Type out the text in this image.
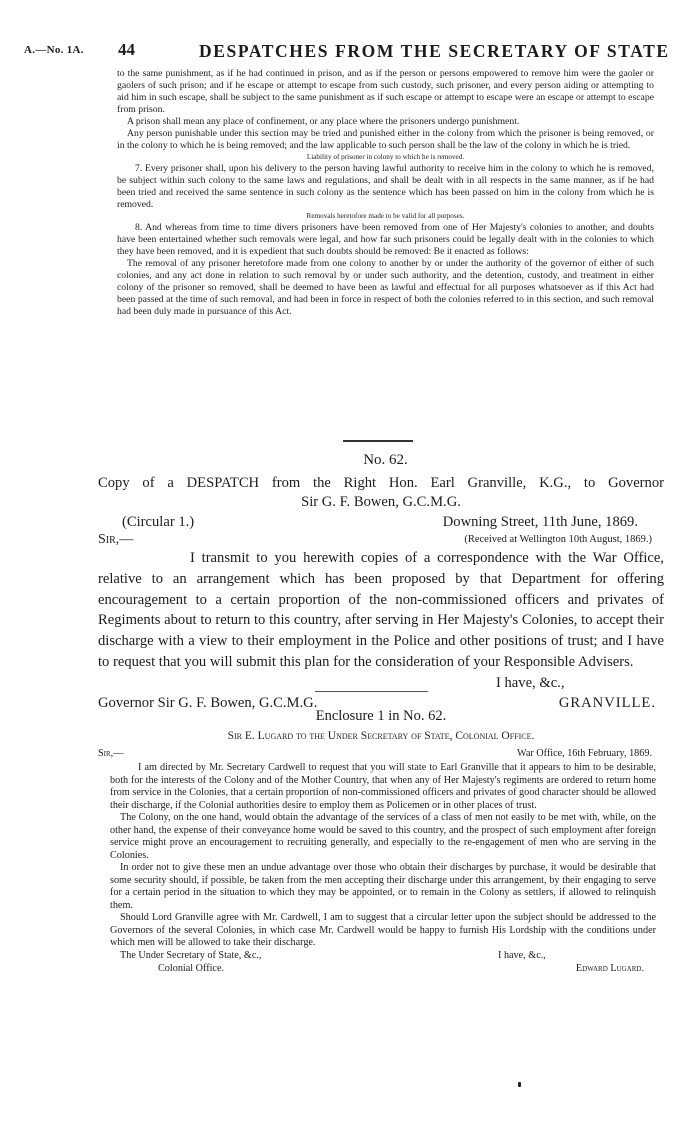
A.—No. 1A. 44	DESPATCHES FROM THE SECRETARY OF STATE

to the same punishment, as if he had continued in prison, and as if the person or persons empowered to remove him were the gaoler or gaolers of such prison; and if he escape or attempt to escape from such custody, such prisoner, and every person aiding or attempting to aid him in such escape, shall be subject to the same punishment as if such escape or attempt to escape were an escape or attempt to escape from prison.

A prison shall mean any place of confinement, or any place where the prisoners undergo punishment.

Any person punishable under this section may be tried and punished either in the colony from which the prisoner is being removed, or in the colony to which he is being removed; and the law applicable to such person shall be the law of the colony in which he is tried.

Liability of prisoner in colony to which he is removed.

7. Every prisoner shall, upon his delivery to the person having lawful authority to receive him in the colony to which he is removed, be subject within such colony to the same laws and regulations, and shall be dealt with in all respects in the same manner, as if he had been tried and received the same sentence in such colony as the sentence which has been passed on him in the colony from which he is removed.

Removals heretofore made to be valid for all purposes.

8. And whereas from time to time divers prisoners have been removed from one of Her Majesty's colonies to another, and doubts have been entertained whether such removals were legal, and how far such prisoners could be legally dealt with in the colonies to which they have been removed, and it is expedient that such doubts should be removed: Be it enacted as follows:

The removal of any prisoner heretofore made from one colony to another by or under the authority of the governor of either of such colonies, and any act done in relation to such removal by or under such authority, and the detention, custody, and treatment in either colony of the prisoner so removed, shall be deemed to have been as lawful and effectual for all purposes whatsoever as if this Act had been passed at the time of such removal, and had been in force in respect of both the colonies referred to in this section, and such removal had been duly made in pursuance of this Act.

No. 62.

Copy of a DESPATCH from the Right Hon. Earl Granville, K.G., to Governor

Sir G. F. Bowen, G.C.M.G.

(Circular 1.)	Downing Street, 11th June, 1869.
Sir,—	(Received at Wellington 10th August, 1869.)

I transmit to you herewith copies of a correspondence with the War Office, relative to an arrangement which has been proposed by that Department for offering encouragement to a certain proportion of the non-commissioned officers and privates of Regiments about to return to this country, after serving in Her Majesty's Colonies, to accept their discharge with a view to their employment in the Police and other positions of trust; and I have to request that you will submit this plan for the consideration of your Responsible Advisers.

I have, &c.,
Governor Sir G. F. Bowen, G.C.M.G.	GRANVILLE.

Enclosure 1 in No. 62.

Sir E. Lugard to the Under Secretary of State, Colonial Office.

Sir,—	War Office, 16th February, 1869.

I am directed by Mr. Secretary Cardwell to request that you will state to Earl Granville that it appears to him to be desirable, both for the interests of the Colony and of the Mother Country, that when any of Her Majesty's regiments are ordered to return home from service in the Colonies, that a certain proportion of non-commissioned officers and privates of good character should be allowed their discharge, if the Colonial authorities desire to employ them as Policemen or in other places of trust.

The Colony, on the one hand, would obtain the advantage of the services of a class of men not easily to be met with, while, on the other hand, the expense of their conveyance home would be saved to this country, and the prospect of such employment after foreign service might prove an encouragement to recruiting generally, and especially to the re-engagement of men who are serving in the Colonies.

In order not to give these men an undue advantage over those who obtain their discharges by purchase, it would be desirable that some security should, if possible, be taken from the men accepting their discharge under this arrangement, by their engaging to serve for a certain period in the situation to which they may be appointed, or to remain in the Colony as settlers, if allowed to relinquish them.

Should Lord Granville agree with Mr. Cardwell, I am to suggest that a circular letter upon the subject should be addressed to the Governors of the several Colonies, in which case Mr. Cardwell would be happy to furnish His Lordship with the conditions under which men will be allowed to take their discharge.

The Under Secretary of State, &c.,	I have, &c.,
Colonial Office.	Edward Lugard.
